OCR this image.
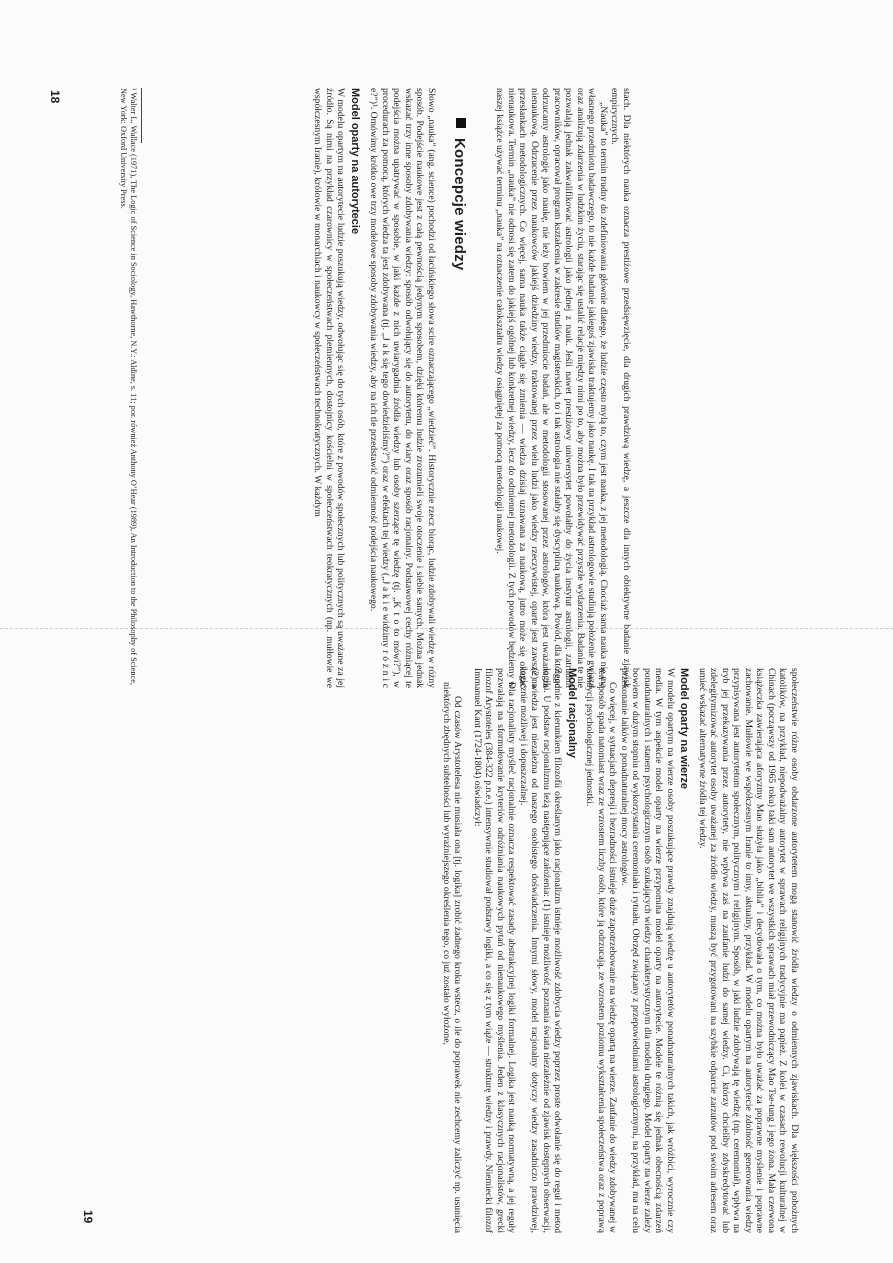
stach. Dla niektórych nauka oznacza prestiżowe przedsięwzięcie, dla drugich prawdziwą wiedzę, a jeszcze dla innych obiektywne badanie zjawisk empirycznych.

„Nauka” to termin trudny do zdefiniowania głównie dlatego, że ludzie często mylą to, czym jest nauka, z jej metodologią. Chociaż sama nauka nie ma własnego przedmiotu badawczego, to nie każde badanie jakiegoś zjawiska traktujemy jako naukę. I tak na przykład astrologowie studiują położenie gwiazd oraz analizują zdarzenia w ludzkim życiu, starając się ustalić relacje między nimi po to, aby można było przewidywać przyszłe wydarzenia. Badania te nie pozwalają jednak zakwalifikować astrologii jako jednej z nauk. Jeśli nawet prestiżowy uniwersytet powołałby do życia instytut astrologii, zatrudnił pracowników, opracował program kształcenia w zakresie studiów magisterskich, to i tak astrologia nie stałaby się dyscypliną naukową. Powód, dla którego odrzucamy astrologię jako naukę, nie leży bowiem w jej przedmiocie badań, ale w metodologii stosowanej przez astrologów, która jest uważana za nienaukową. Odrzucenie przez naukowców jakiejś dziedziny wiedzy, traktowanej przez wielu ludzi jako wiedzy rzeczywistej, oparte jest zawsze na przesłankach metodologicznych. Co więcej, sama nauka także ciągle się zmienia — wiedza dzisiaj uznawana za naukową, jutro może się okazać nienaukowa. Termin „nauka” nie odnosi się zatem do jakiejś ogólnej lub konkretnej wiedzy, lecz do odmiennej metodologii. Z tych powodów będziemy w naszej książce używać terminu „nauka” na oznaczenie całokształtu wiedzy osiągniętej za pomocą metodologii naukowej.

Koncepcje wiedzy

Słowo „nauka” (ang. science) pochodzi od łacińskiego słowa scire oznaczającego „wiedzieć”. Historycznie rzecz biorąc, ludzie zdobywali wiedzę w różny sposób. Podejście naukowe jest z całą pewnością jedynym sposobem, dzięki któremu ludzie zrozumieli swoje otoczenie i siebie samych. Można jednak wskazać trzy inne sposoby zdobywania wiedzy: sposób odwołujący się do autorytetu, do wiary oraz sposób racjonalny. Podstawowej cechy różniącej te podejścia można upatrywać w sposobie, w jaki każde z nich uwiarygadnia źródła wiedzy lub osoby szerzące tę wiedzę (tj. „K t o to mówi?”), w procedurach za pomocą, których wiedza ta jest zdobywana (tj. „J a k się tego dowiedzieliśmy?”) oraz w efektach tej wiedzy („J a k i e widzimy r ó ż n i c e?”)¹. Omówimy krótko owe trzy modelowe sposoby zdobywania wiedzy, aby na ich tle przedstawić odmienność podejścia naukowego.

Model oparty na autorytecie

W modelu opartym na autorytecie ludzie poszukują wiedzy, odwołując się do tych osób, które z powodów społecznych lub politycznych są uważane za jej źródło. Są nimi na przykład czarownicy w społeczeństwach plemiennych, dostojnicy kościelni w społeczeństwach teokratycznych (np. mułłowie we współczesnym Iranie), królowie w monarchiach i naukowcy w społeczeństwach technokratycznych. W każdym

¹ Walter L. Wallace (1971), The Logic of Science in Sociology, Hawthorne, N.Y.: Aldine, s. 11; por. również Anthony O’Hear (1989), An Introduction to the Philosophy of Science, New York: Oxford University Press.
18

społeczeństwie różne osoby obdarzone autorytetem mogą stanowić źródła wiedzy o odmiennych zjawiskach. Dla większości pobożnych katolików, na przykład, niepodważalny autorytet w sprawach religijnych tradycyjnie ma papież. Z kolei w czasach rewolucji kulturalnej w Chinach (począwszy od 1965 roku) taki sam autorytet we wszystkich sprawach miał przewodniczący Mao Tse-tung i jego żona. Mała czerwona książeczka zawierająca aforyzmy Mao służyła jako „biblia” i decydowała o tym, co można było uważać za poprawne myślenie i poprawne zachowanie. Mułłowie we współczesnym Iranie to inny, aktualny, przykład. W modelu opartym na autorytecie zdolność generowania wiedzy przypisywana jest autorytetom społecznym, politycznym i religijnym. Sposób, w jaki ludzie zdobywają tę wiedzę (np. ceremoniał), wpływa na tryb jej przekazywania przez autorytety, nie wpływa zaś na zaufanie ludzi do samej wiedzy. Ci, którzy chcieliby zdyskredytować lub zdelegitymizować autorytet osoby uważanej za źródło wiedzy, muszą być przygotowani na szybkie odparcie zarzutów pod swoim adresem oraz umieć wskazać alternatywne źródła tej wiedzy.

Model oparty na wierze

W modelu opartym na wierze osoby poszukujące prawdy znajdują wiedzę u autorytetów ponadnaturalnych takich, jak wróżbici, wyrocznie czy media. W tym aspekcie model oparty na wierze przypomina model oparty na autorytecie. Modele te różnią się jednak obecnością zdarzeń ponadnaturalnych i stanem psychologicznym osób szukających wiedzy charakterystycznym dla modelu drugiego. Model oparty na wierze zależy bowiem w dużym stopniu od wykorzystania ceremoniału i rytuału. Obrzęd związany z przepowiedniami astrologicznymi, na przykład, ma na celu przekonanie laików o ponadnaturalnej mocy astrologów.

Co więcej, w sytuacjach depresji i bezradności istnieje duże zapotrzebowanie na wiedzę opartą na wierze. Zaufanie do wiedzy zdobywanej w ten sposób spada natomiast wraz ze wzrostem liczby osób, które ją odrzucają, ze wzrostem poziomu wykształcenia społeczeństwa oraz z poprawą kondycji psychologicznej jednostki.

Model racjonalny

Zgodnie z kierunkiem filozofii określanym jako racjonalizm istnieje możliwość zdobycia wiedzy poprzez proste odwołanie się do reguł i metod logiki. U podstaw racjonalizmu leżą następujące założenia: (1) istnieje możliwość poznania świata niezależnie od zjawisk dostępnych obserwacji, (2) wiedza jest niezależna od naszego osobistego doświadczenia. Innymi słowy, model racjonalny dotyczy wiedzy zasadniczo prawdziwej, logicznie możliwej i dopuszczalnej.

Dla racjonalisty myśleć racjonalnie oznacza respektować zasady abstrakcyjnej logiki formalnej. Logika jest nauką normatywną, a jej reguły pozwalają na sformułowanie kryteriów odróżniania naukowych pytań od nienaukowego myślenia. Jeden z klasycznych racjonalistów, grecki filozof Arystoteles (384-322 p.n.e.) intensywnie studiował podstawy logiki, a co się z tym wiąże — strukturę wiedzy i prawdy. Niemiecki filozof Immanuel Kant (1724-1804) oświadczył:

Od czasów Arystotelesa nie musiała ona [tj. logika] zrobić żadnego kroku wstecz, o ile do poprawek nie zechcemy zaliczyć np. usunięcia niektórych zbędnych subtelności lub wyraźniejszego określenia tego, co już zostało wyłożone,

19
